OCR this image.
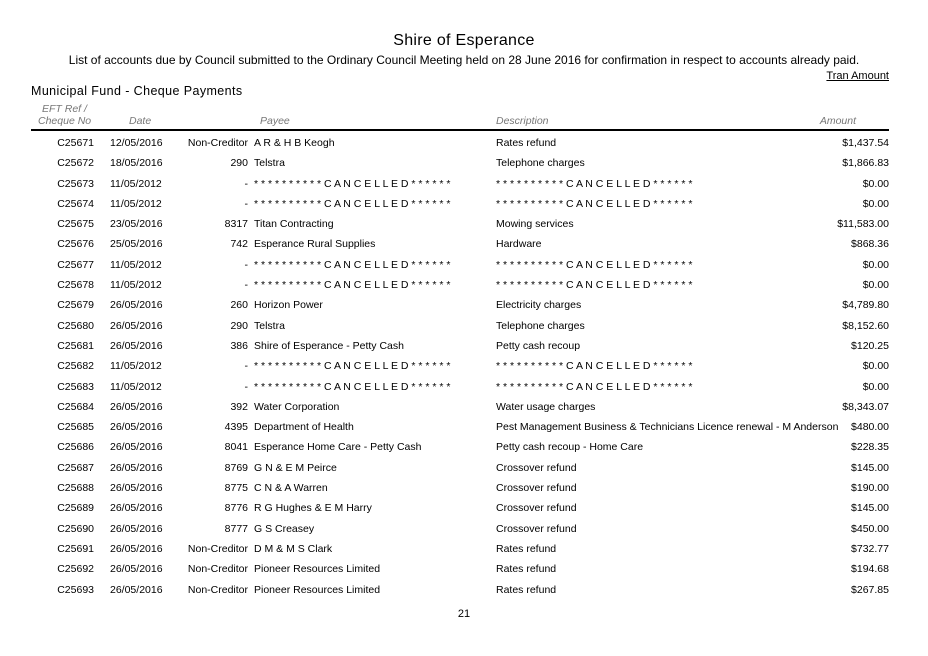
Shire of Esperance
List of accounts due by Council submitted to the Ordinary Council Meeting held on 28 June 2016 for confirmation in respect to accounts already paid.
Tran Amount
Municipal Fund - Cheque Payments
EFT Ref /
Cheque No	Date	Payee	Description	Amount
C25671 12/05/2016 Non-Creditor A R & H B Keogh	Rates refund	$1,437.54
C25672 18/05/2016	290 Telstra	Telephone charges	$1,866.83
C25673 11/05/2012	- * * * * * * * * * * C A N C E L L E D * * * * * *	* * * * * * * * * * C A N C E L L E D * * * * * *	$0.00
C25674 11/05/2012	- * * * * * * * * * * C A N C E L L E D * * * * * *	* * * * * * * * * * C A N C E L L E D * * * * * *	$0.00
C25675 23/05/2016	8317 Titan Contracting	Mowing services	$11,583.00
C25676 25/05/2016	742 Esperance Rural Supplies	Hardware	$868.36
C25677 11/05/2012	- * * * * * * * * * * C A N C E L L E D * * * * * *	* * * * * * * * * * C A N C E L L E D * * * * * *	$0.00
C25678 11/05/2012	- * * * * * * * * * * C A N C E L L E D * * * * * *	* * * * * * * * * * C A N C E L L E D * * * * * *	$0.00
C25679 26/05/2016	260 Horizon Power	Electricity charges	$4,789.80
C25680 26/05/2016	290 Telstra	Telephone charges	$8,152.60
C25681 26/05/2016	386 Shire of Esperance - Petty Cash	Petty cash recoup	$120.25
C25682 11/05/2012	- * * * * * * * * * * C A N C E L L E D * * * * * *	* * * * * * * * * * C A N C E L L E D * * * * * *	$0.00
C25683 11/05/2012	- * * * * * * * * * * C A N C E L L E D * * * * * *	* * * * * * * * * * C A N C E L L E D * * * * * *	$0.00
C25684 26/05/2016	392 Water Corporation	Water usage charges	$8,343.07
C25685 26/05/2016	4395 Department of Health	Pest Management Business & Technicians Licence renewal - M Anderson $480.00
C25686 26/05/2016	8041 Esperance Home Care - Petty Cash	Petty cash recoup - Home Care	$228.35
C25687 26/05/2016	8769 G N & E M Peirce	Crossover refund	$145.00
C25688 26/05/2016	8775 C N & A Warren	Crossover refund	$190.00
C25689 26/05/2016	8776 R G Hughes & E M Harry	Crossover refund	$145.00
C25690 26/05/2016	8777 G S Creasey	Crossover refund	$450.00
C25691 26/05/2016 Non-Creditor D M & M S Clark	Rates refund	$732.77
C25692 26/05/2016 Non-Creditor Pioneer Resources Limited	Rates refund	$194.68
C25693 26/05/2016 Non-Creditor Pioneer Resources Limited	Rates refund	$267.85
21
